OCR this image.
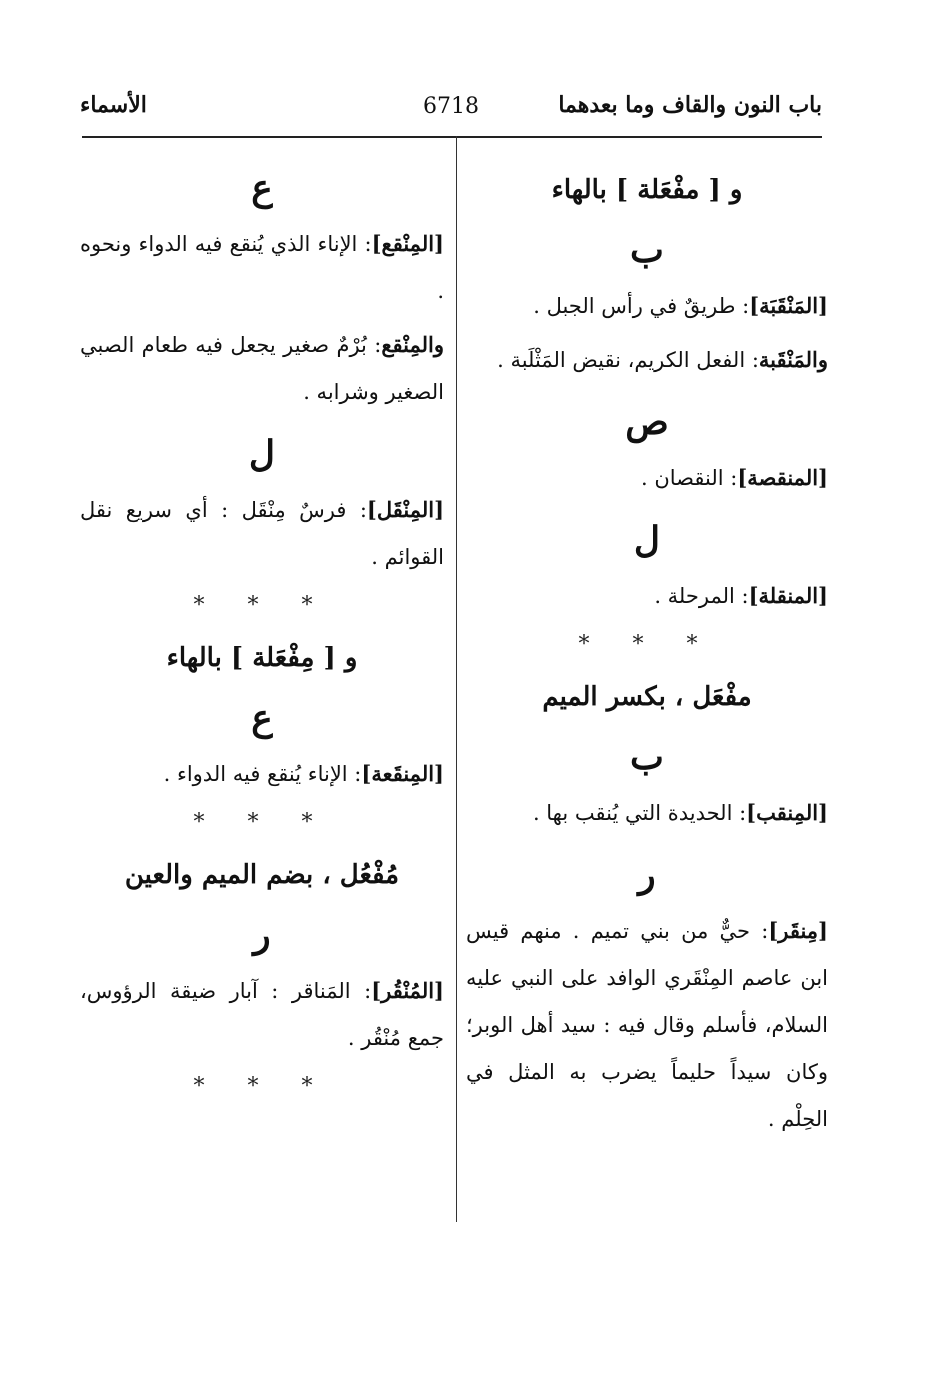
باب النون والقاف وما بعدهما
6718
الأسماء
و [ مفْعَلة ] بالهاء
ب

[المَنْقَبَة]: طريقٌ في رأس الجبل .

والمَنْقَبة: الفعل الكريم، نقيض المَثْلَبة .

ص

[المنقصة]: النقصان .

ل

[المنقلة]: المرحلة .

* * *
مفْعَل ، بكسر الميم
ب

[المِنقب]: الحديدة التي يُنقب بها .

ر

[مِنقَر]: حيٌّ من بني تميم . منهم قيس ابن عاصم المِنْقَري الوافد على النبي عليه السلام، فأسلم وقال فيه : سيد أهل الوبر؛ وكان سيداً حليماً يضرب به المثل في الحِلْم .

ع

[المِنْقع]: الإناء الذي يُنقع فيه الدواء ونحوه .

والمِنْقع: بُرْمٌ صغير يجعل فيه طعام الصبي الصغير وشرابه .

ل

[المِنْقَل]: فرسٌ مِنْقَل : أي سريع نقل القوائم .

* * *
و [ مِفْعَلة ] بالهاء
ع

[المِنقَعة]: الإناء يُنقع فيه الدواء .

* * *
مُفْعُل ، بضم الميم والعين
ر

[المُنْقُر]: المَناقر : آبار ضيقة الرؤوس، جمع مُنْقُر .

* * *
